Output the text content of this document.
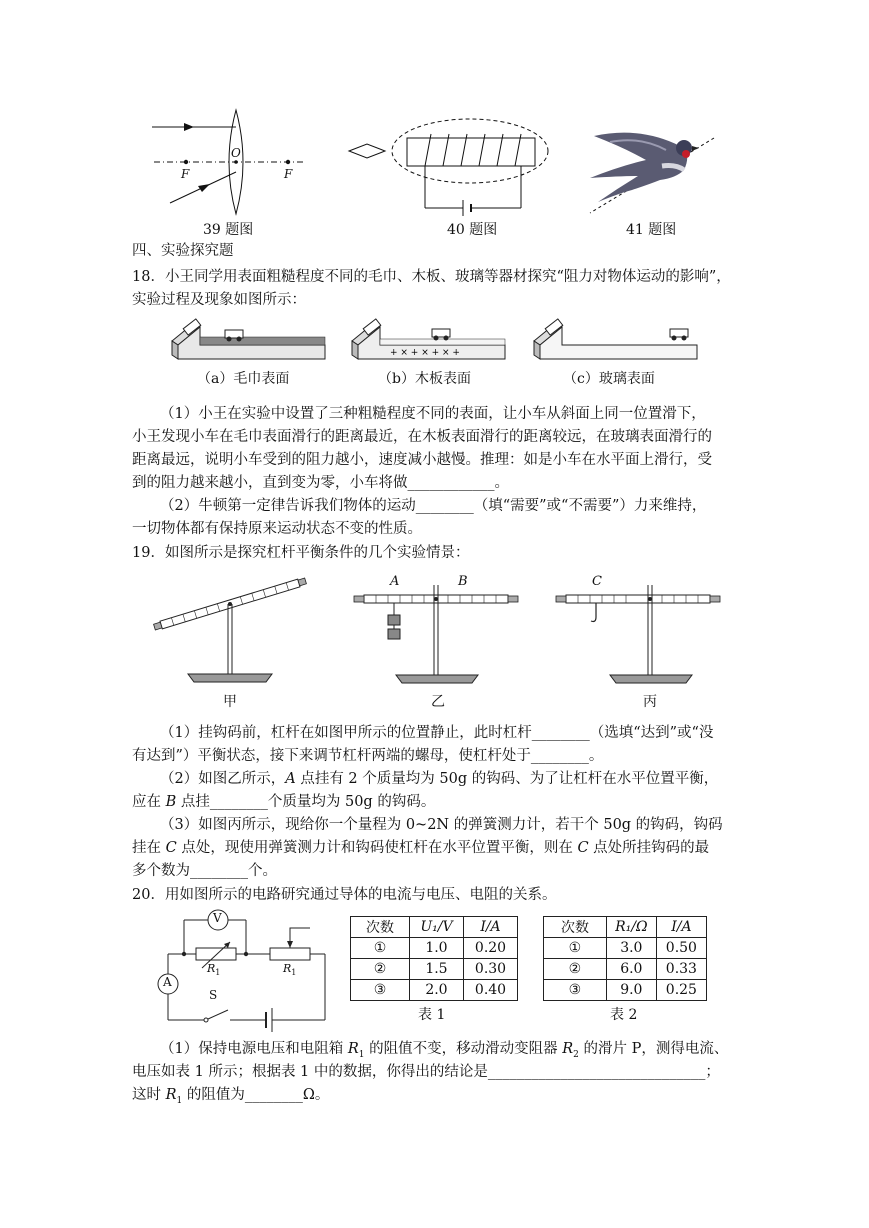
O
F	F
39 题图	40 题图	41 题图
四、实验探究题
18．小王同学用表面粗糙程度不同的毛巾、木板、玻璃等器材探究“阻力对物体运动的影响”，
实验过程及现象如图所示：
+ × + × + × +
（a）毛巾表面	（b）木板表面	（c）玻璃表面
（1）小王在实验中设置了三种粗糙程度不同的表面，让小车从斜面上同一位置滑下，
小王发现小车在毛巾表面滑行的距离最近，在木板表面滑行的距离较远，在玻璃表面滑行的
距离最远，说明小车受到的阻力越小，速度减小越慢。推理：如是小车在水平面上滑行，受
到的阻力越来越小，直到变为零，小车将做____________。
（2）牛顿第一定律告诉我们物体的运动________（填“需要”或“不需要”）力来维持，
一切物体都有保持原来运动状态不变的性质。
19．如图所示是探究杠杆平衡条件的几个实验情景：
A	B	C
甲	乙	丙
（1）挂钩码前，杠杆在如图甲所示的位置静止，此时杠杆________（选填“达到”或“没
有达到”）平衡状态，接下来调节杠杆两端的螺母，使杠杆处于________。
（2）如图乙所示，A 点挂有 2 个质量均为 50g 的钩码、为了让杠杆在水平位置平衡，
应在 B 点挂________个质量均为 50g 的钩码。
（3）如图丙所示，现给你一个量程为 0~2N 的弹簧测力计，若干个 50g 的钩码，钩码
挂在 C 点处，现使用弹簧测力计和钩码使杠杆在水平位置平衡，则在 C 点处所挂钩码的最
多个数为________个。
20．用如图所示的电路研究通过导体的电流与电压、电阻的关系。
V
A
$R_1$	$R_1$
S
次数	U₁/V	I/A
①	1.0	0.20
②	1.5	0.30
③	2.0	0.40
表 1
次数	R₁/Ω	I/A
①	3.0	0.50
②	6.0	0.33
③	9.0	0.25
表 2
（1）保持电源电压和电阻箱 $R_1$ 的阻值不变，移动滑动变阻器 $R_2$ 的滑片 P，测得电流、
电压如表 1 所示；根据表 1 中的数据，你得出的结论是______________________________；
这时 $R_1$ 的阻值为________Ω。
